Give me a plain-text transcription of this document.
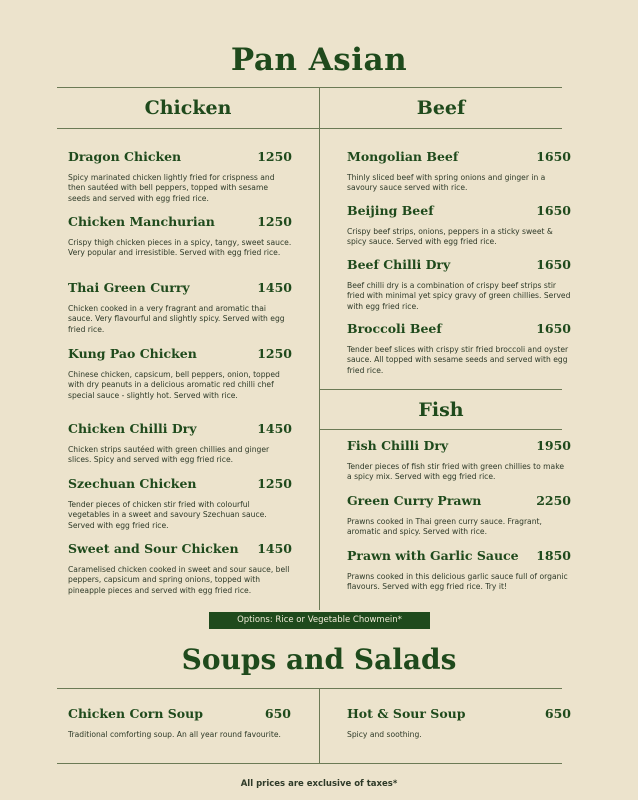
Pan Asian
Chicken	Beef
Fish
Dragon Chicken	1250
Spicy marinated chicken lightly fried for crispness and then sautéed with bell peppers, topped with sesame seeds and served with egg fried rice.
Chicken Manchurian	1250
Crispy thigh chicken pieces in a spicy, tangy, sweet sauce. Very popular and irresistible. Served with egg fried rice.
Thai Green Curry	1450
Chicken cooked in a very fragrant and aromatic thai sauce. Very flavourful and slightly spicy. Served with egg fried rice.
Kung Pao Chicken	1250
Chinese chicken, capsicum, bell peppers, onion, topped with dry peanuts in a delicious aromatic red chilli chef special sauce - slightly hot. Served with rice.
Chicken Chilli Dry	1450
Chicken strips sautéed with green chillies and ginger slices. Spicy and served with egg fried rice.
Szechuan Chicken	1250
Tender pieces of chicken stir fried with colourful vegetables in a sweet and savoury Szechuan sauce. Served with egg fried rice.
Sweet and Sour Chicken 1450
Caramelised chicken cooked in sweet and sour sauce, bell peppers, capsicum and spring onions, topped with pineapple pieces and served with egg fried rice.
Mongolian Beef	1650
Thinly sliced beef with spring onions and ginger in a savoury sauce served with rice.
Beijing Beef	1650
Crispy beef strips, onions, peppers in a sticky sweet & spicy sauce. Served with egg fried rice.
Beef Chilli Dry	1650
Beef chilli dry is a combination of crispy beef strips stir fried with minimal yet spicy gravy of green chillies. Served with egg fried rice.
Broccoli Beef	1650
Tender beef slices with crispy stir fried broccoli and oyster sauce. All topped with sesame seeds and served with egg fried rice.
Fish Chilli Dry	1950
Tender pieces of fish stir fried with green chillies to make a spicy mix. Served with egg fried rice.
Green Curry Prawn	2250
Prawns cooked in Thai green curry sauce. Fragrant, aromatic and spicy. Served with rice.
Prawn with Garlic Sauce 1850
Prawns cooked in this delicious garlic sauce full of organic flavours. Served with egg fried rice. Try it!
Options: Rice or Vegetable Chowmein*
Soups and Salads
Chicken Corn Soup	650
Traditional comforting soup. An all year round favourite.
Hot & Sour Soup	650
Spicy and soothing.
All prices are exclusive of taxes*
